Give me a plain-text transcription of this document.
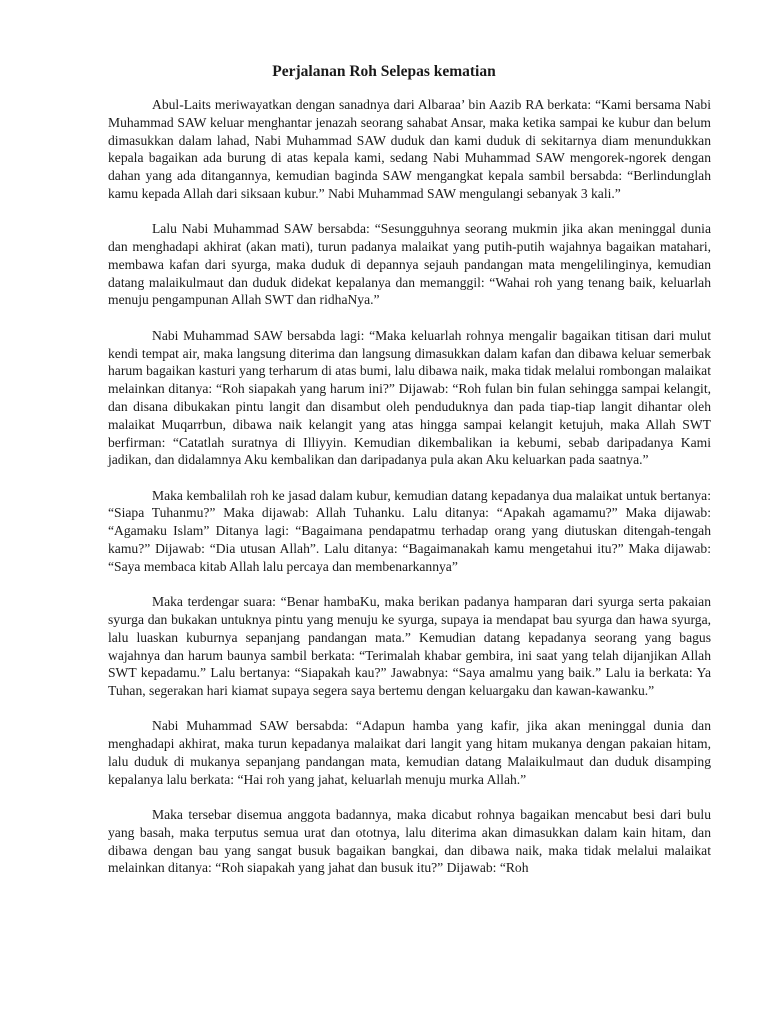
Perjalanan Roh Selepas kematian

Abul-Laits meriwayatkan dengan sanadnya dari Albaraa’ bin Aazib RA berkata: “Kami bersama Nabi Muhammad SAW keluar menghantar jenazah seorang sahabat Ansar, maka ketika sampai ke kubur dan belum dimasukkan dalam lahad, Nabi Muhammad SAW duduk dan kami duduk di sekitarnya diam menundukkan kepala bagaikan ada burung di atas kepala kami, sedang Nabi Muhammad SAW mengorek-ngorek dengan dahan yang ada ditangannya, kemudian baginda SAW mengangkat kepala sambil bersabda: “Berlindunglah kamu kepada Allah dari siksaan kubur.” Nabi Muhammad SAW mengulangi sebanyak 3 kali.”

Lalu Nabi Muhammad SAW bersabda: “Sesungguhnya seorang mukmin jika akan meninggal dunia dan menghadapi akhirat (akan mati), turun padanya malaikat yang putih-putih wajahnya bagaikan matahari, membawa kafan dari syurga, maka duduk di depannya sejauh pandangan mata mengelilinginya, kemudian datang malaikulmaut dan duduk didekat kepalanya dan memanggil: “Wahai roh yang tenang baik, keluarlah menuju pengampunan Allah SWT dan ridhaNya.”

Nabi Muhammad SAW bersabda lagi: “Maka keluarlah rohnya mengalir bagaikan titisan dari mulut kendi tempat air, maka langsung diterima dan langsung dimasukkan dalam kafan dan dibawa keluar semerbak harum bagaikan kasturi yang terharum di atas bumi, lalu dibawa naik, maka tidak melalui rombongan malaikat melainkan ditanya: “Roh siapakah yang harum ini?” Dijawab: “Roh fulan bin fulan sehingga sampai kelangit, dan disana dibukakan pintu langit dan disambut oleh penduduknya dan pada tiap-tiap langit dihantar oleh malaikat Muqarrbun, dibawa naik kelangit yang atas hingga sampai kelangit ketujuh, maka Allah SWT berfirman: “Catatlah suratnya di Illiyyin. Kemudian dikembalikan ia kebumi, sebab daripadanya Kami jadikan, dan didalamnya Aku kembalikan dan daripadanya pula akan Aku keluarkan pada saatnya.”

Maka kembalilah roh ke jasad dalam kubur, kemudian datang kepadanya dua malaikat untuk bertanya: “Siapa Tuhanmu?” Maka dijawab: Allah Tuhanku. Lalu ditanya: “Apakah agamamu?” Maka dijawab: “Agamaku Islam” Ditanya lagi: “Bagaimana pendapatmu terhadap orang yang diutuskan ditengah-tengah kamu?” Dijawab: “Dia utusan Allah”. Lalu ditanya: “Bagaimanakah kamu mengetahui itu?” Maka dijawab: “Saya membaca kitab Allah lalu percaya dan membenarkannya”

Maka terdengar suara: “Benar hambaKu, maka berikan padanya hamparan dari syurga serta pakaian syurga dan bukakan untuknya pintu yang menuju ke syurga, supaya ia mendapat bau syurga dan hawa syurga, lalu luaskan kuburnya sepanjang pandangan mata.” Kemudian datang kepadanya seorang yang bagus wajahnya dan harum baunya sambil berkata: “Terimalah khabar gembira, ini saat yang telah dijanjikan Allah SWT kepadamu.” Lalu bertanya: “Siapakah kau?” Jawabnya: “Saya amalmu yang baik.” Lalu ia berkata: Ya Tuhan, segerakan hari kiamat supaya segera saya bertemu dengan keluargaku dan kawan-kawanku.”

Nabi Muhammad SAW bersabda: “Adapun hamba yang kafir, jika akan meninggal dunia dan menghadapi akhirat, maka turun kepadanya malaikat dari langit yang hitam mukanya dengan pakaian hitam, lalu duduk di mukanya sepanjang pandangan mata, kemudian datang Malaikulmaut dan duduk disamping kepalanya lalu berkata: “Hai roh yang jahat, keluarlah menuju murka Allah.”

Maka tersebar disemua anggota badannya, maka dicabut rohnya bagaikan mencabut besi dari bulu yang basah, maka terputus semua urat dan ototnya, lalu diterima akan dimasukkan dalam kain hitam, dan dibawa dengan bau yang sangat busuk bagaikan bangkai, dan dibawa naik, maka tidak melalui malaikat melainkan ditanya: “Roh siapakah yang jahat dan busuk itu?” Dijawab: “Roh
